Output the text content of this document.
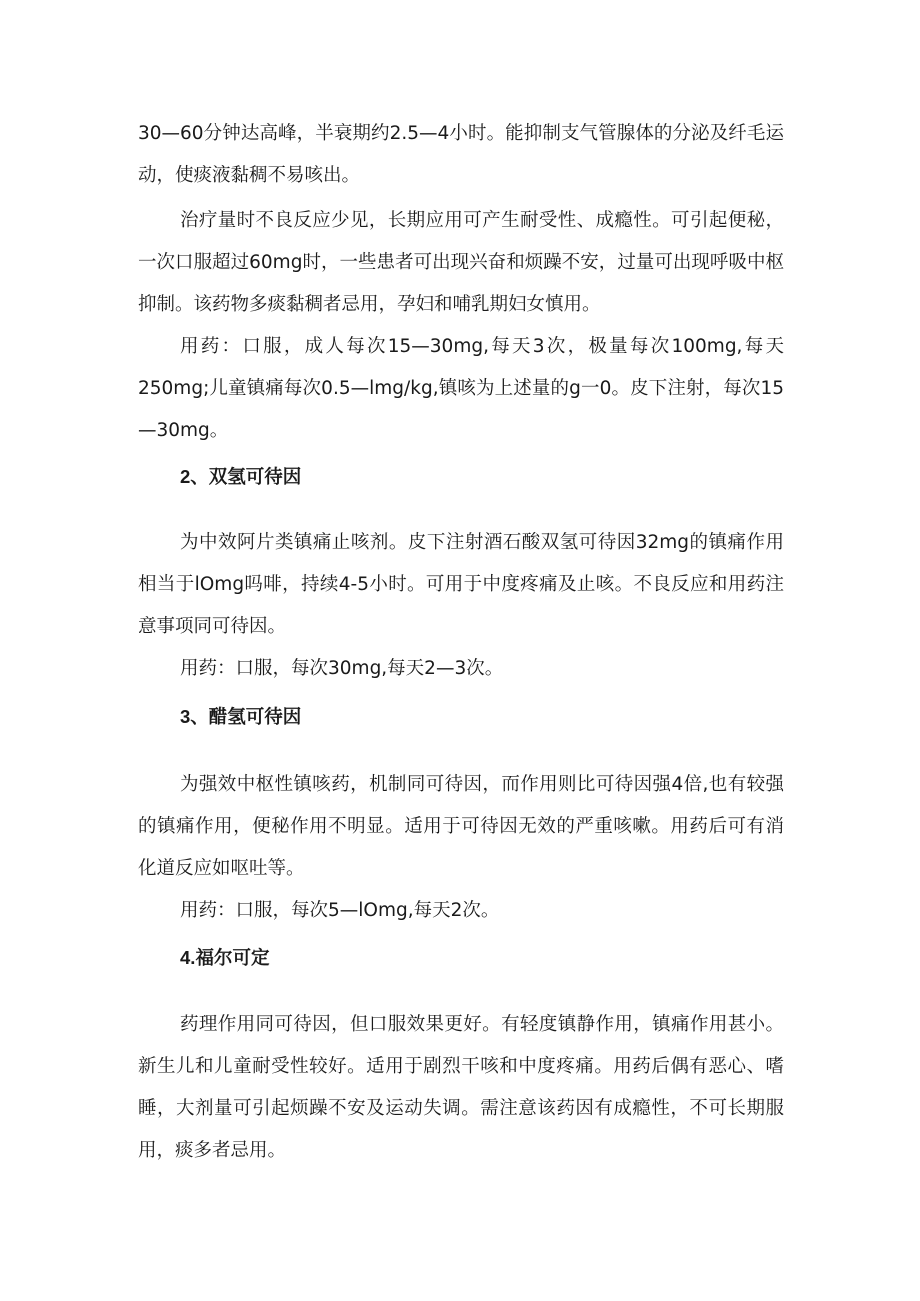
30—60分钟达高峰，半衰期约2.5—4小时。能抑制支气管腺体的分泌及纤毛运动，使痰液黏稠不易咳出。

治疗量时不良反应少见，长期应用可产生耐受性、成瘾性。可引起便秘，一次口服超过60mg时，一些患者可出现兴奋和烦躁不安，过量可出现呼吸中枢抑制。该药物多痰黏稠者忌用，孕妇和哺乳期妇女慎用。

用药：口服，成人每次15—30mg,每天3次，极量每次100mg,每天250mg;儿童镇痛每次0.5—lmg/kg,镇咳为上述量的g一0。皮下注射，每次15—30mg。

2、双氢可待因

为中效阿片类镇痛止咳剂。皮下注射酒石酸双氢可待因32mg的镇痛作用相当于lOmg吗啡，持续4-5小时。可用于中度疼痛及止咳。不良反应和用药注意事项同可待因。

用药：口服，每次30mg,每天2—3次。

3、醋氢可待因

为强效中枢性镇咳药，机制同可待因，而作用则比可待因强4倍,也有较强的镇痛作用，便秘作用不明显。适用于可待因无效的严重咳嗽。用药后可有消化道反应如呕吐等。

用药：口服，每次5—lOmg,每天2次。

4.福尔可定

药理作用同可待因，但口服效果更好。有轻度镇静作用，镇痛作用甚小。新生儿和儿童耐受性较好。适用于剧烈干咳和中度疼痛。用药后偶有恶心、嗜睡，大剂量可引起烦躁不安及运动失调。需注意该药因有成瘾性，不可长期服用，痰多者忌用。
